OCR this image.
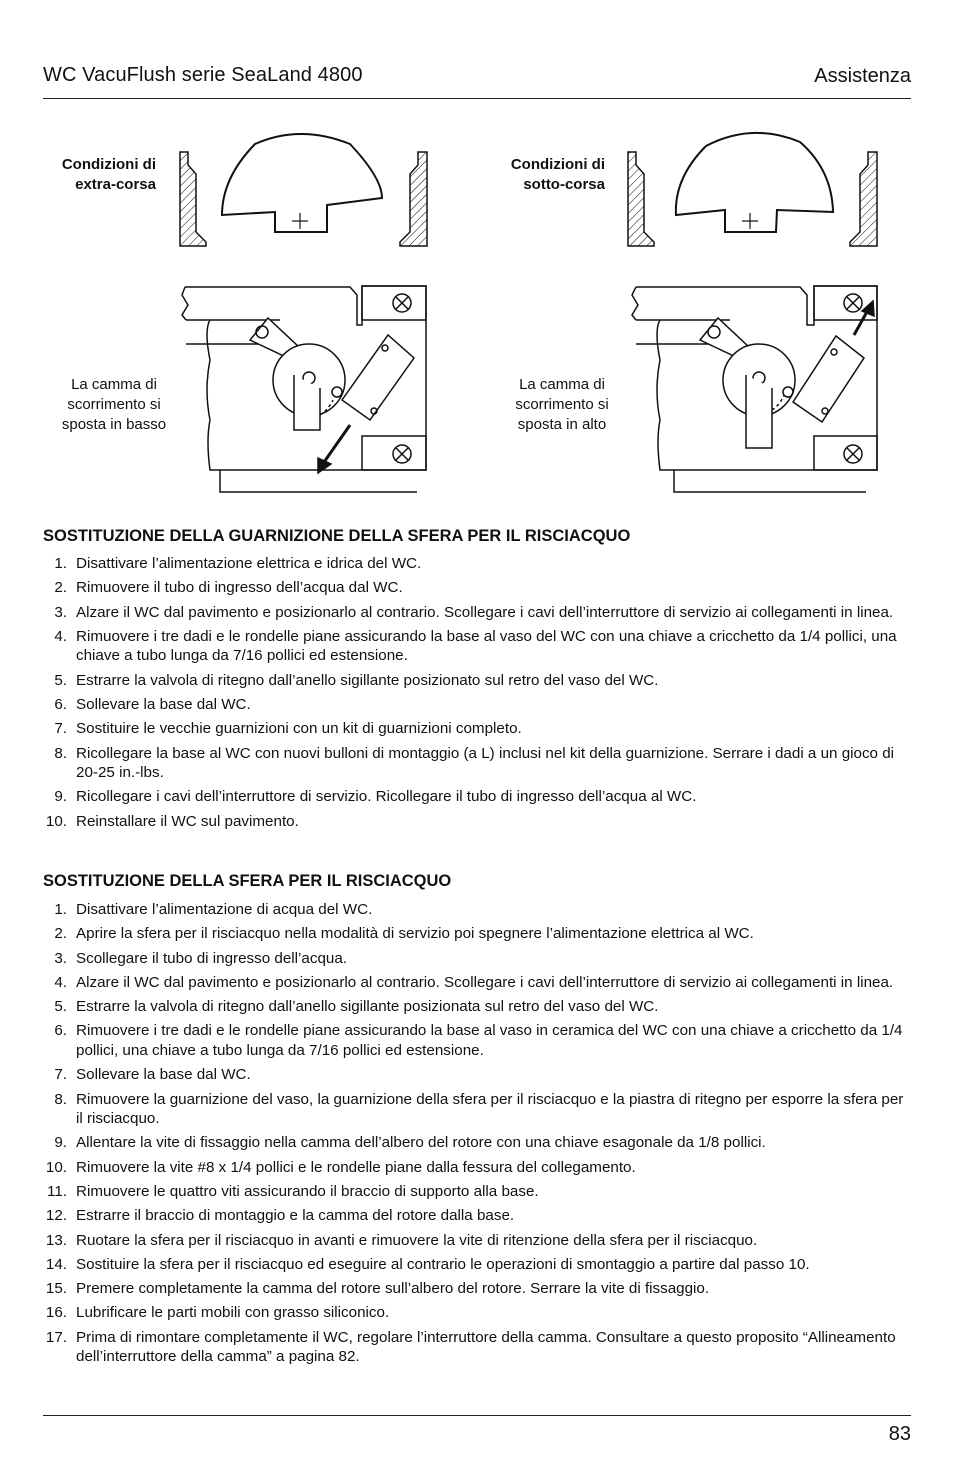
WC VacuFlush serie SeaLand 4800	Assistenza
Condizioni di extra-corsa
Condizioni di sotto-corsa
La camma di scorrimento si sposta in basso
La camma di scorrimento si sposta in alto
SOSTITUZIONE DELLA GUARNIZIONE DELLA SFERA PER IL RISCIACQUO
1. Disattivare l’alimentazione elettrica e idrica del WC.
2. Rimuovere il tubo di ingresso dell’acqua dal WC.
3. Alzare il WC dal pavimento e posizionarlo al contrario. Scollegare i cavi dell’interruttore di servizio ai collegamenti in linea.
4. Rimuovere i tre dadi e le rondelle piane assicurando la base al vaso del WC con una chiave a cricchetto da 1/4 pollici, una chiave a tubo lunga da 7/16 pollici ed estensione.
5. Estrarre la valvola di ritegno dall’anello sigillante posizionato sul retro del vaso del WC.
6. Sollevare la base dal WC.
7. Sostituire le vecchie guarnizioni con un kit di guarnizioni completo.
8. Ricollegare la base al WC con nuovi bulloni di montaggio (a L) inclusi nel kit della guarnizione. Serrare i dadi a un gioco di 20-25 in.-lbs.
9. Ricollegare i cavi dell’interruttore di servizio. Ricollegare il tubo di ingresso dell’acqua al WC.
10. Reinstallare il WC sul pavimento.
SOSTITUZIONE DELLA SFERA PER IL RISCIACQUO
1. Disattivare l’alimentazione di acqua del WC.
2. Aprire la sfera per il risciacquo nella modalità di servizio poi spegnere l’alimentazione elettrica al WC.
3. Scollegare il tubo di ingresso dell’acqua.
4. Alzare il WC dal pavimento e posizionarlo al contrario. Scollegare i cavi dell’interruttore di servizio ai collegamenti in linea.
5. Estrarre la valvola di ritegno dall’anello sigillante posizionata sul retro del vaso del WC.
6. Rimuovere i tre dadi e le rondelle piane assicurando la base al vaso in ceramica del WC con una chiave a cricchetto da 1/4 pollici, una chiave a tubo lunga da 7/16 pollici ed estensione.
7. Sollevare la base dal WC.
8. Rimuovere la guarnizione del vaso, la guarnizione della sfera per il risciacquo e la piastra di ritegno per esporre la sfera per il risciacquo.
9. Allentare la vite di fissaggio nella camma dell’albero del rotore con una chiave esagonale da 1/8 pollici.
10. Rimuovere la vite #8 x 1/4 pollici e le rondelle piane dalla fessura del collegamento.
11. Rimuovere le quattro viti assicurando il braccio di supporto alla base.
12. Estrarre il braccio di montaggio e la camma del rotore dalla base.
13. Ruotare la sfera per il risciacquo in avanti e rimuovere la vite di ritenzione della sfera per il risciacquo.
14. Sostituire la sfera per il risciacquo ed eseguire al contrario le operazioni di smontaggio a partire dal passo 10.
15. Premere completamente la camma del rotore sull’albero del rotore. Serrare la vite di fissaggio.
16. Lubrificare le parti mobili con grasso siliconico.
17. Prima di rimontare completamente il WC, regolare l’interruttore della camma. Consultare a questo proposito “Allineamento dell’interruttore della camma” a pagina 82.
83
